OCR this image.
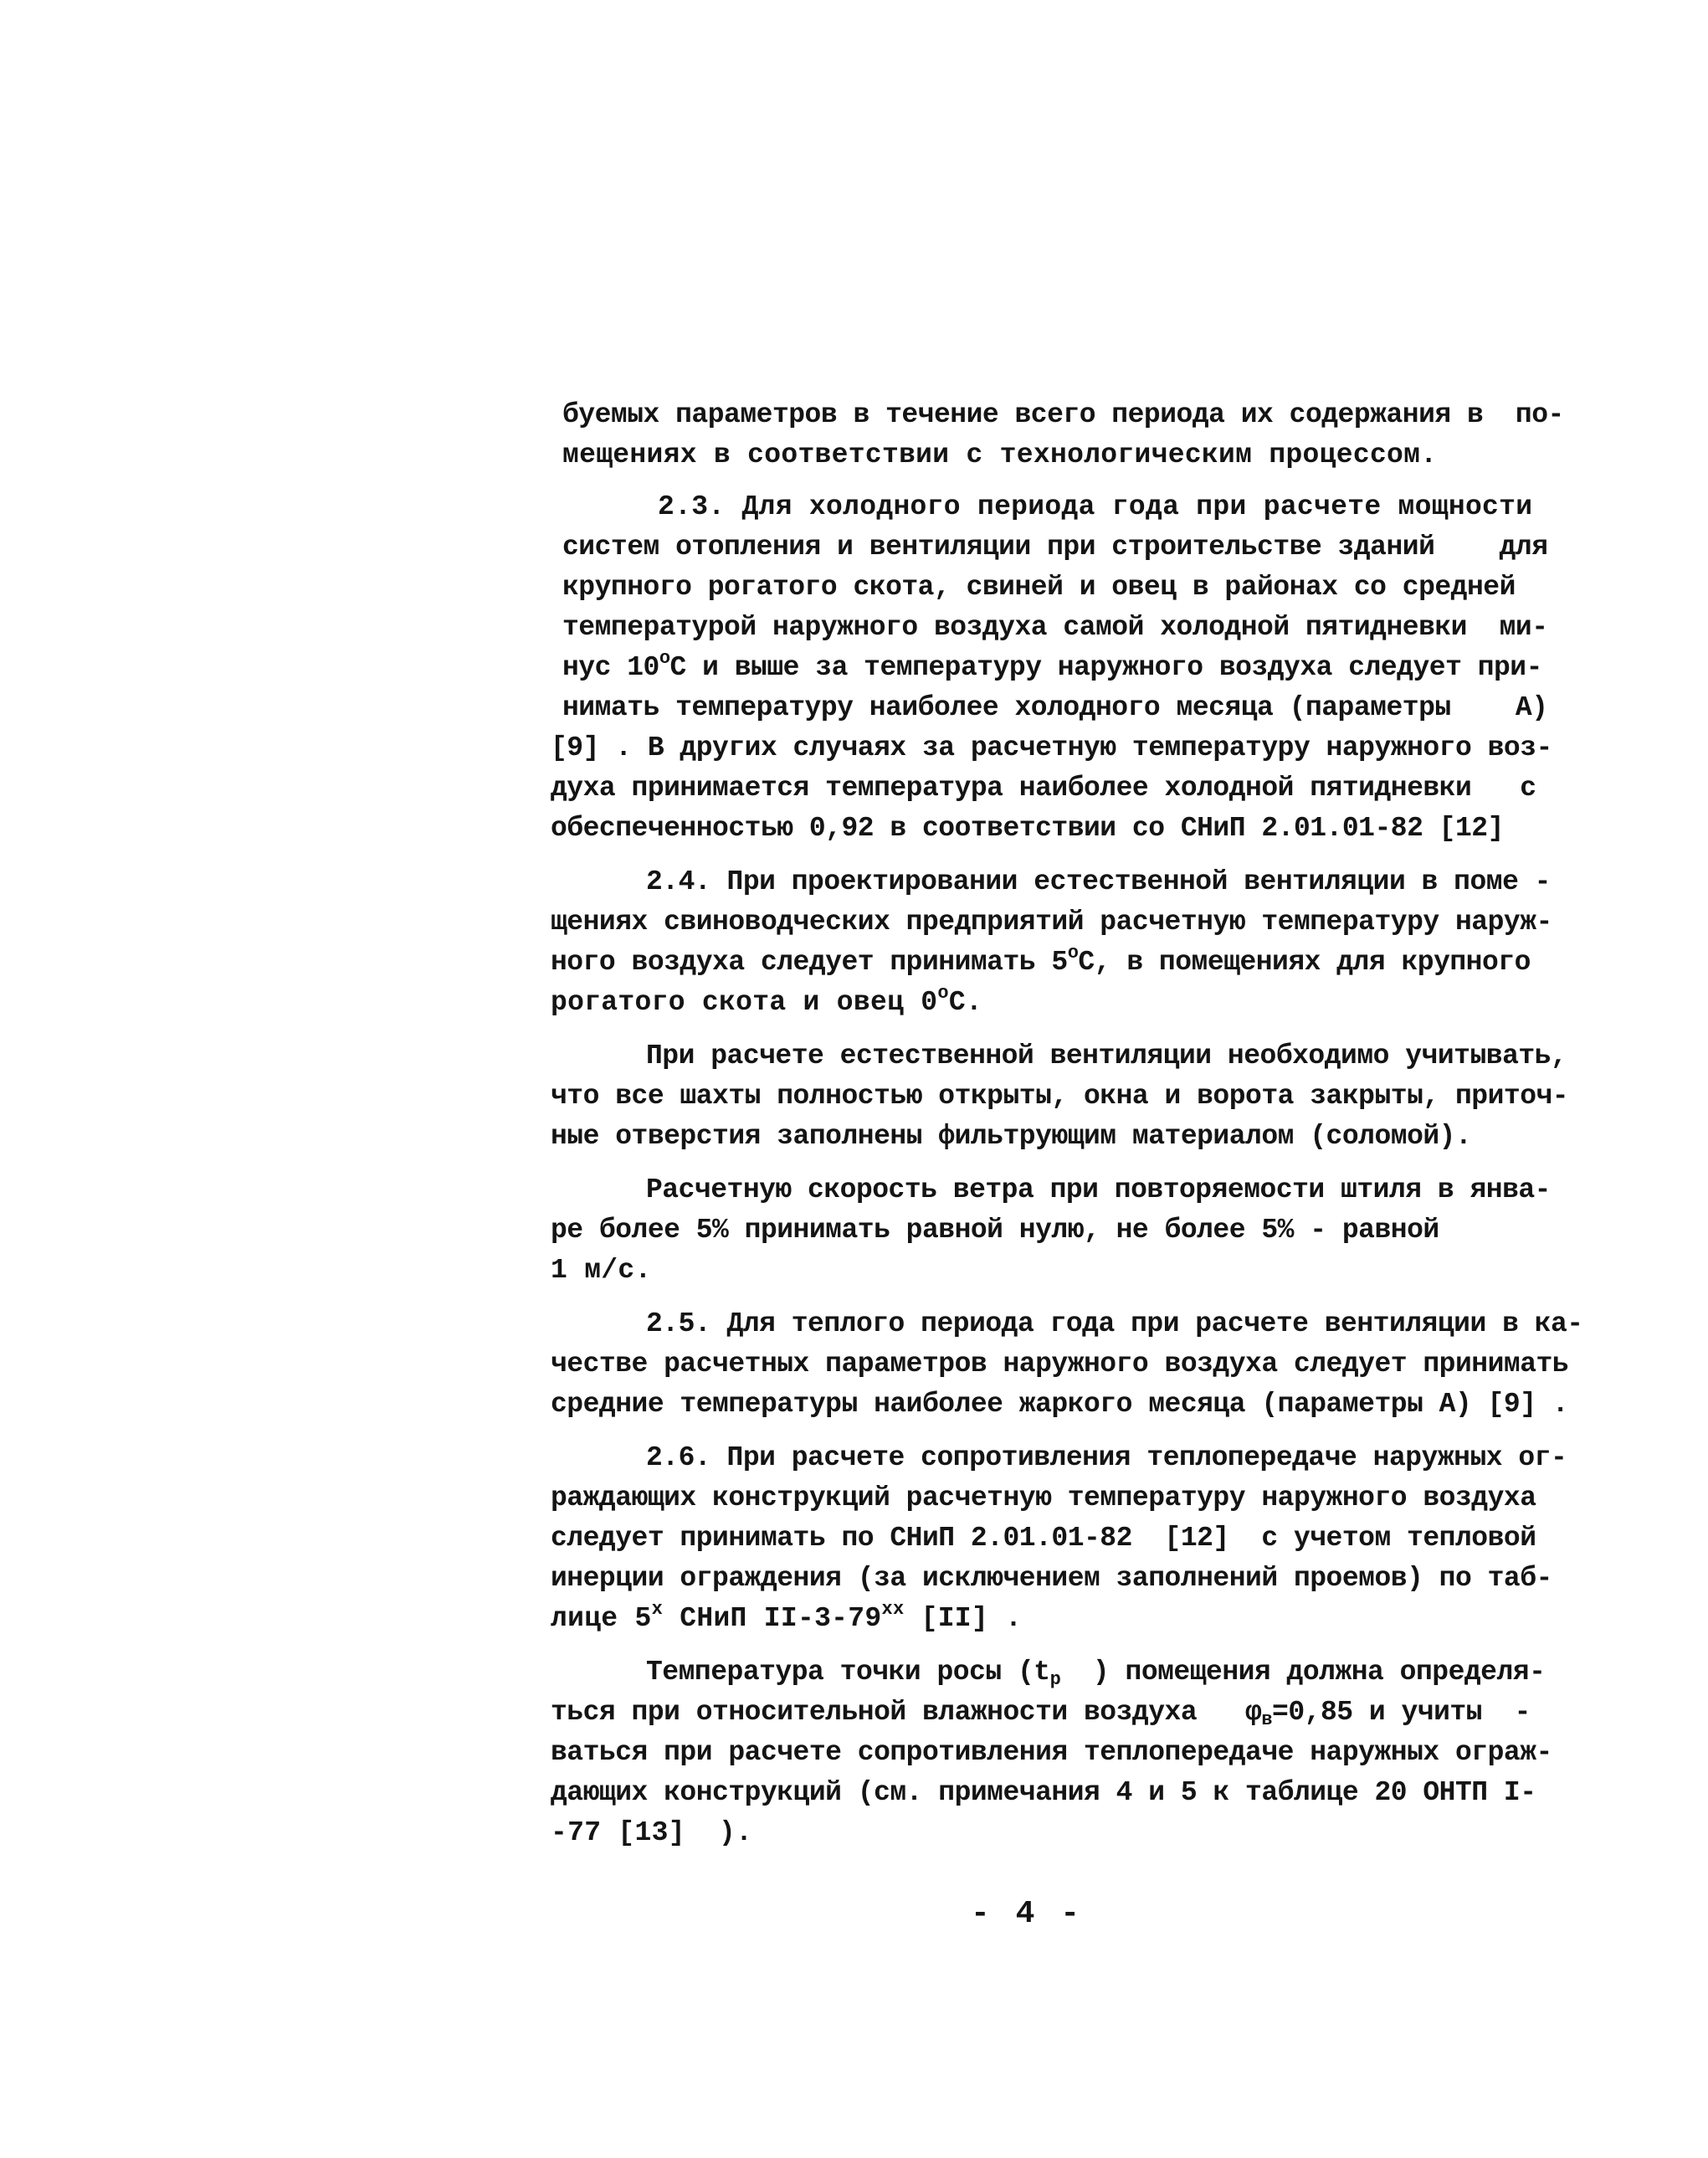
буемых параметров в течение всего периода их содержания в  по-
мещениях в соответствии с технологическим процессом.
2.3. Для холодного периода года при расчете мощности
систем отопления и вентиляции при строительстве зданий    для
крупного рогатого скота, свиней и овец в районах со средней
температурой наружного воздуха самой холодной пятидневки  ми-
нус $10^оС$ и выше за температуру наружного воздуха следует при-
нимать температуру наиболее холодного месяца (параметры    А)
[9] . В других случаях за расчетную температуру наружного воз-
духа принимается температура наиболее холодной пятидневки   с
обеспеченностью 0,92 в соответствии со СНиП 2.01.01-82 [12]
2.4. При проектировании естественной вентиляции в поме -
щениях свиноводческих предприятий расчетную температуру наруж-
ного воздуха следует принимать $5^оС$, в помещениях для крупного
рогатого скота и овец $0^оС$.
При расчете естественной вентиляции необходимо учитывать,
что все шахты полностью открыты, окна и ворота закрыты, приточ-
ные отверстия заполнены фильтрующим материалом (соломой).
Расчетную скорость ветра при повторяемости штиля в янва-
ре более 5% принимать равной нулю, не более 5% - равной
1 м/с.
2.5. Для теплого периода года при расчете вентиляции в ка-
честве расчетных параметров наружного воздуха следует принимать
средние температуры наиболее жаркого месяца (параметры А) [9] .
2.6. При расчете сопротивления теплопередаче наружных ог-
раждающих конструкций расчетную температуру наружного воздуха
следует принимать по СНиП 2.01.01-82  [12]  с учетом тепловой
инерции ограждения (за исключением заполнений проемов) по таб-
лице 5$^x$ СНиП II-3-79$^{xx}$ [II] .
Температура точки росы ($t_р$  ) помещения должна определя-
ться при относительной влажности воздуха   $\varphi_в=0,85$ и учиты  -
ваться при расчете сопротивления теплопередаче наружных ограж-
дающих конструкций (см. примечания 4 и 5 к таблице 20 ОНТП I-
-77 [13]  ).
- 4 -
